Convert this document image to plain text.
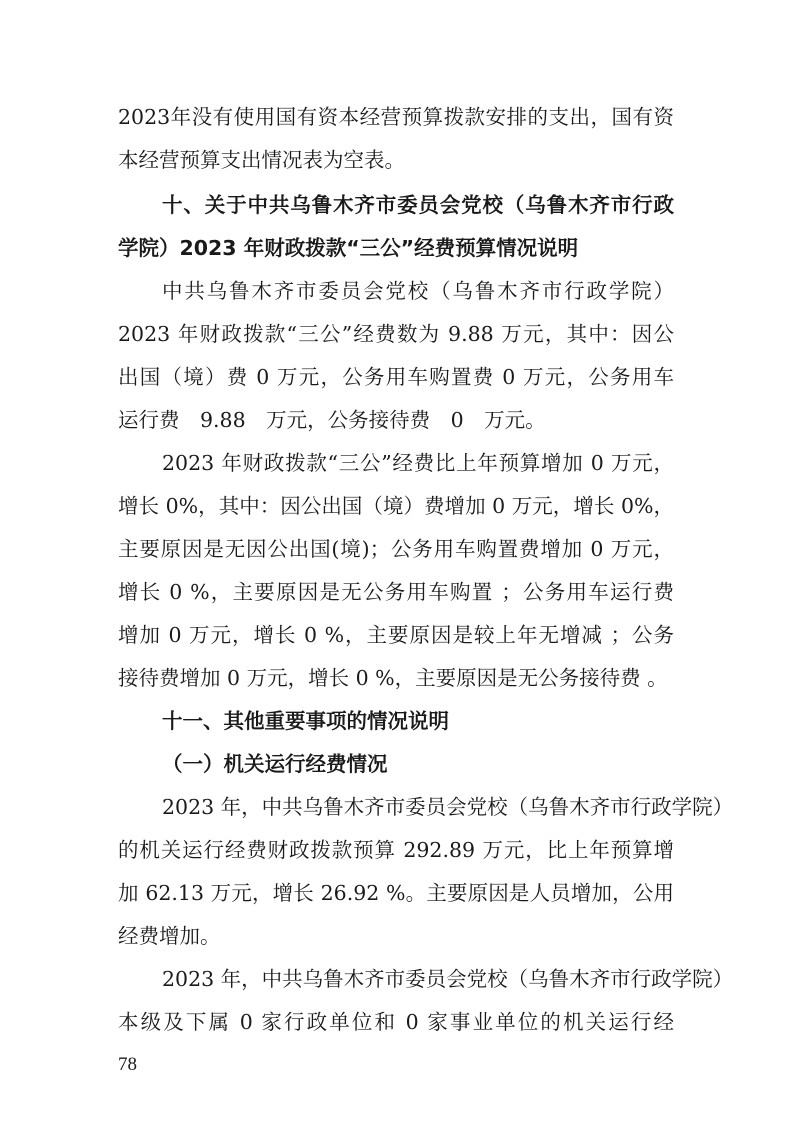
2023年没有使用国有资本经营预算拨款安排的支出，国有资
本经营预算支出情况表为空表。
十、关于中共乌鲁木齐市委员会党校（乌鲁木齐市行政
学院）2023 年财政拨款“三公”经费预算情况说明
中共乌鲁木齐市委员会党校（乌鲁木齐市行政学院）
2023 年财政拨款“三公”经费数为 9.88 万元，其中：因公
出国（境）费 0 万元，公务用车购置费 0 万元，公务用车
运行费　9.88　万元，公务接待费　0　万元。
2023 年财政拨款“三公”经费比上年预算增加 0 万元，
增长 0%，其中：因公出国（境）费增加 0 万元，增长 0%，
主要原因是无因公出国(境)；公务用车购置费增加 0 万元，
增长 0 %，主要原因是无公务用车购置 ；公务用车运行费
增加 0 万元，增长 0 %，主要原因是较上年无增减 ；公务
接待费增加 0 万元，增长 0 %，主要原因是无公务接待费 。
十一、其他重要事项的情况说明
（一）机关运行经费情况
2023 年，中共乌鲁木齐市委员会党校（乌鲁木齐市行政学院）
的机关运行经费财政拨款预算 292.89 万元，比上年预算增
加 62.13 万元，增长 26.92 %。主要原因是人员增加，公用
经费增加。
2023 年，中共乌鲁木齐市委员会党校（乌鲁木齐市行政学院）
本级及下属 0 家行政单位和 0 家事业单位的机关运行经
78
